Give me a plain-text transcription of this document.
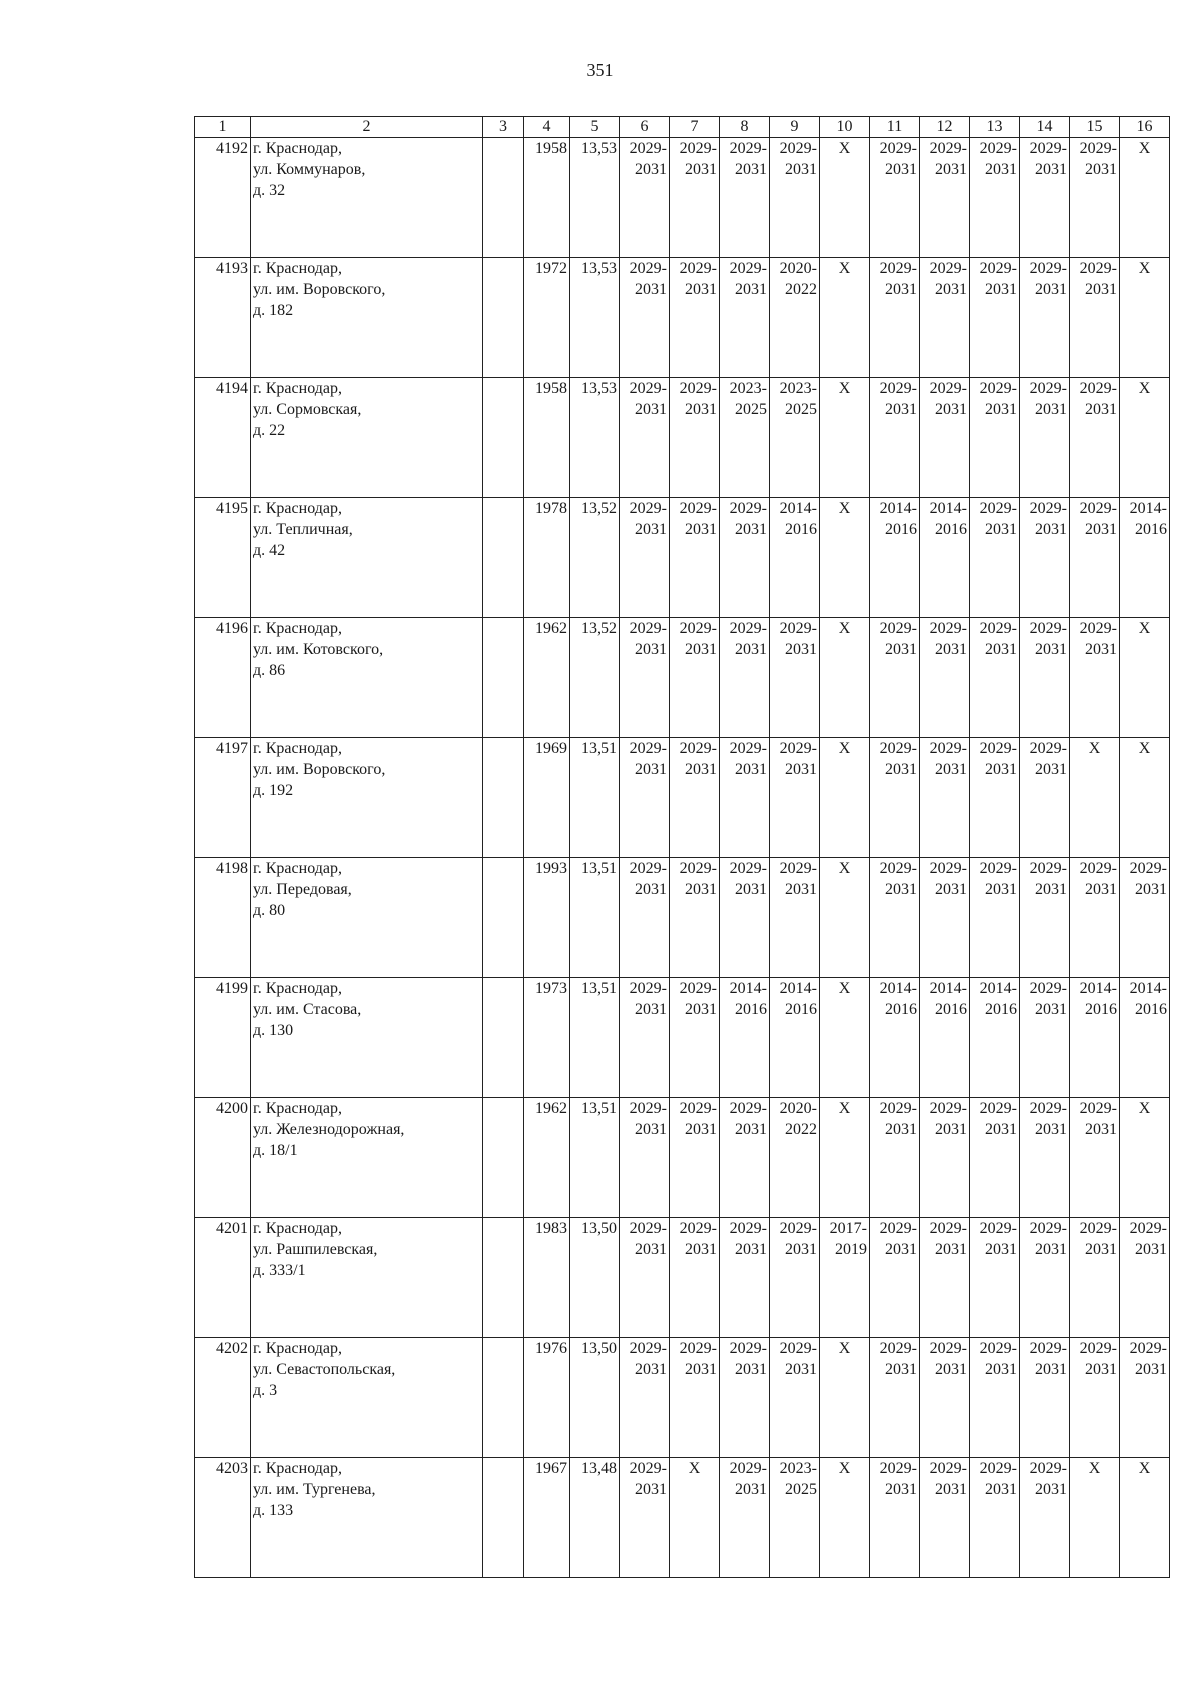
351
1	2	3	4	5	6	7	8	9	10	11	12	13	14	15	16
4192	г. Краснодар,
ул. Коммунаров,
д. 32		1958	13,53	2029-
2031	2029-
2031	2029-
2031	2029-
2031	X	2029-
2031	2029-
2031	2029-
2031	2029-
2031	2029-
2031	X

4193	г. Краснодар,
ул. им. Воровского,
д. 182		1972	13,53	2029-
2031	2029-
2031	2029-
2031	2020-
2022	X	2029-
2031	2029-
2031	2029-
2031	2029-
2031	2029-
2031	X

4194	г. Краснодар,
ул. Сормовская,
д. 22		1958	13,53	2029-
2031	2029-
2031	2023-
2025	2023-
2025	X	2029-
2031	2029-
2031	2029-
2031	2029-
2031	2029-
2031	X

4195	г. Краснодар,
ул. Тепличная,
д. 42		1978	13,52	2029-
2031	2029-
2031	2029-
2031	2014-
2016	X	2014-
2016	2014-
2016	2029-
2031	2029-
2031	2029-
2031	2014-
2016

4196	г. Краснодар,
ул. им. Котовского,
д. 86		1962	13,52	2029-
2031	2029-
2031	2029-
2031	2029-
2031	X	2029-
2031	2029-
2031	2029-
2031	2029-
2031	2029-
2031	X

4197	г. Краснодар,
ул. им. Воровского,
д. 192		1969	13,51	2029-
2031	2029-
2031	2029-
2031	2029-
2031	X	2029-
2031	2029-
2031	2029-
2031	2029-
2031	X	X

4198	г. Краснодар,
ул. Передовая,
д. 80		1993	13,51	2029-
2031	2029-
2031	2029-
2031	2029-
2031	X	2029-
2031	2029-
2031	2029-
2031	2029-
2031	2029-
2031	2029-
2031

4199	г. Краснодар,
ул. им. Стасова,
д. 130		1973	13,51	2029-
2031	2029-
2031	2014-
2016	2014-
2016	X	2014-
2016	2014-
2016	2014-
2016	2029-
2031	2014-
2016	2014-
2016

4200	г. Краснодар,
ул. Железнодорожная,
д. 18/1		1962	13,51	2029-
2031	2029-
2031	2029-
2031	2020-
2022	X	2029-
2031	2029-
2031	2029-
2031	2029-
2031	2029-
2031	X

4201	г. Краснодар,
ул. Рашпилевская,
д. 333/1		1983	13,50	2029-
2031	2029-
2031	2029-
2031	2029-
2031	2017-
2019	2029-
2031	2029-
2031	2029-
2031	2029-
2031	2029-
2031	2029-
2031

4202	г. Краснодар,
ул. Севастопольская,
д. 3		1976	13,50	2029-
2031	2029-
2031	2029-
2031	2029-
2031	X	2029-
2031	2029-
2031	2029-
2031	2029-
2031	2029-
2031	2029-
2031

4203	г. Краснодар,
ул. им. Тургенева,
д. 133		1967	13,48	2029-
2031	X	2029-
2031	2023-
2025	X	2029-
2031	2029-
2031	2029-
2031	2029-
2031	X	X
